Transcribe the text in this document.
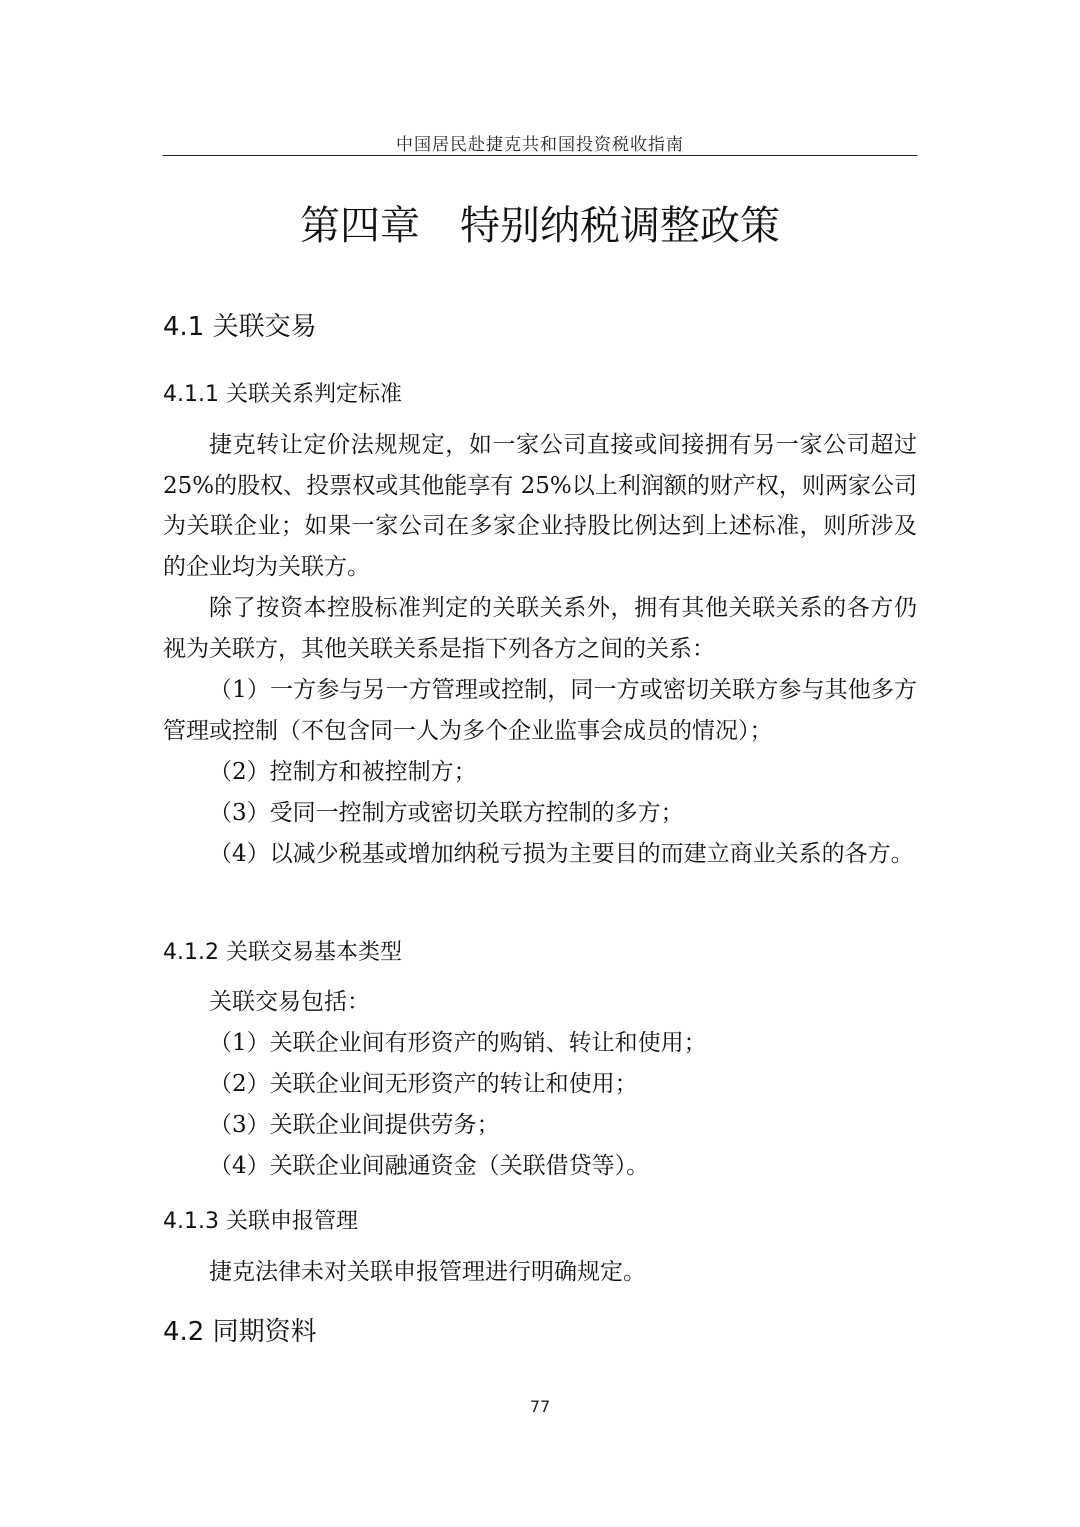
中国居民赴捷克共和国投资税收指南
第四章　特别纳税调整政策
4.1 关联交易
4.1.1 关联关系判定标准

捷克转让定价法规规定，如一家公司直接或间接拥有另一家公司超过 25%的股权、投票权或其他能享有 25%以上利润额的财产权，则两家公司为关联企业；如果一家公司在多家企业持股比例达到上述标准，则所涉及的企业均为关联方。

除了按资本控股标准判定的关联关系外，拥有其他关联关系的各方仍视为关联方，其他关联关系是指下列各方之间的关系：

（1）一方参与另一方管理或控制，同一方或密切关联方参与其他多方管理或控制（不包含同一人为多个企业监事会成员的情况）；

（2）控制方和被控制方；

（3）受同一控制方或密切关联方控制的多方；

（4）以减少税基或增加纳税亏损为主要目的而建立商业关系的各方。

4.1.2 关联交易基本类型

关联交易包括：

（1）关联企业间有形资产的购销、转让和使用；

（2）关联企业间无形资产的转让和使用；

（3）关联企业间提供劳务；

（4）关联企业间融通资金（关联借贷等）。

4.1.3 关联申报管理

捷克法律未对关联申报管理进行明确规定。

4.2 同期资料
77
